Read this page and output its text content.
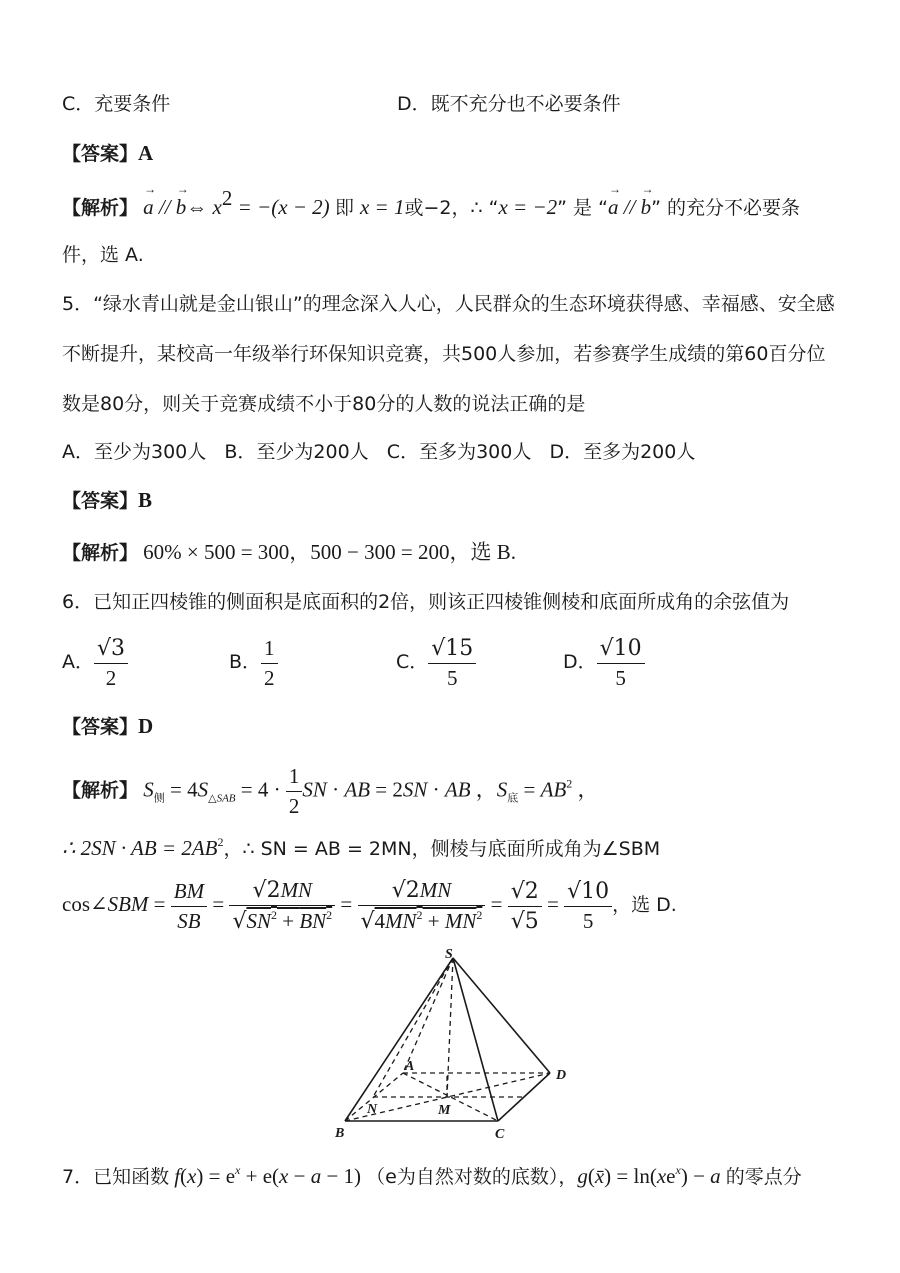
C．充要条件	D．既不充分也不必要条件
【答案】A
【解析】 → a // → b⇔ $x^2 = -(x - 2)$ 即 x = 1或−2，∴ “x = −2” 是 “→ a // → b” 的充分不必要条
件，选 A.
5．“绿水青山就是金山银山”的理念深入人心，人民群众的生态环境获得感、幸福感、安全感
不断提升，某校高一年级举行环保知识竞赛，共500人参加，若参赛学生成绩的第60百分位
数是80分，则关于竞赛成绩不小于80分的人数的说法正确的是
A．至少为300人   B．至少为200人   C．至多为300人   D．至多为200人
【答案】B
【解析】 60% × 500 = 300，500 − 300 = 200，选 B.
6．已知正四棱锥的侧面积是底面积的2倍，则该正四棱锥侧棱和底面所成角的余弦值为
A． $\frac{√3}{2}$	B． $\frac{1}{2}$	C． $\frac{√15}{5}$	D． $\frac{√10}{5}$
【答案】D
【解析】 $S_侧 = 4S_{\triangle SAB} = 4 \cdot \frac{1}{2}$ SN · AB = 2SN · AB ，$S_底 = AB^2$ ，
∴ 2SN · AB = $2AB^2$，∴ SN = AB = 2MN，侧棱与底面所成角为∠SBM
cos∠SBM = $\frac{BM}{SB} = \frac{√2MN}{√SN^2 + BN^2} = \frac{√2MN}{√4MN^2 + MN^2} = \frac{√2}{√5} = \frac{√10}{5}$ ，选 D.
S
A
D
N	M
B	C
7．已知函数 $f(x) = e^x + e(x - a - 1)$ （e为自然对数的底数），g(x̄) = $\ln(xe^x) - a$ 的零点分
